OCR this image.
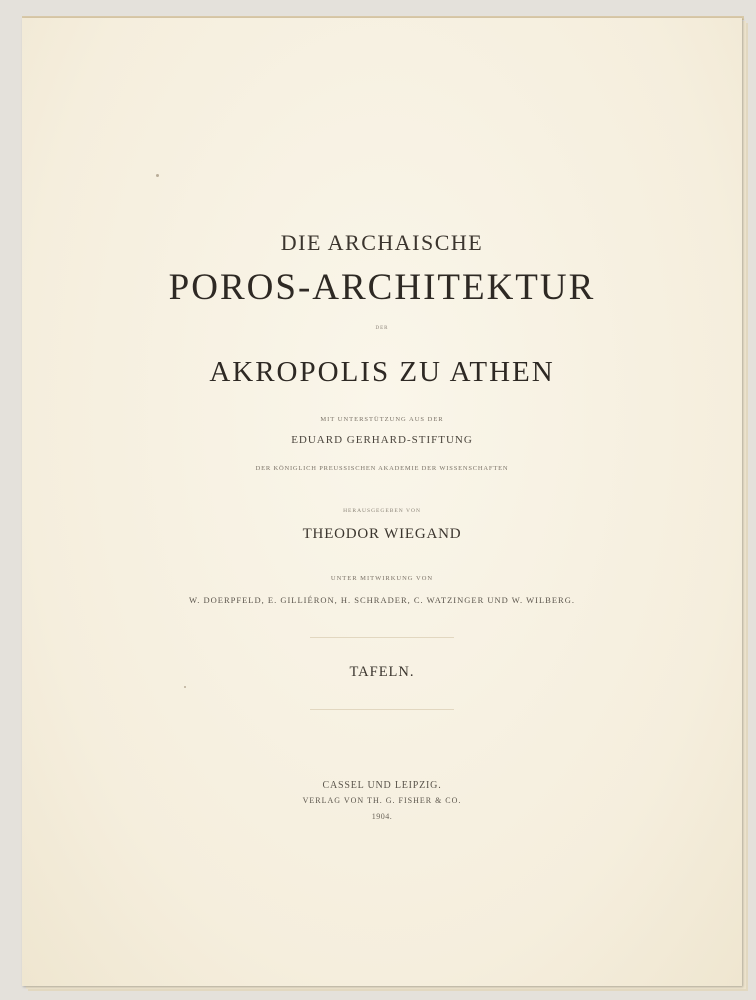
DIE ARCHAISCHE
POROS-ARCHITEKTUR
DER
AKROPOLIS ZU ATHEN
MIT UNTERSTÜTZUNG AUS DER
EDUARD GERHARD-STIFTUNG
DER KÖNIGLICH PREUSSISCHEN AKADEMIE DER WISSENSCHAFTEN
HERAUSGEGEBEN VON
THEODOR WIEGAND
UNTER MITWIRKUNG VON
W. DOERPFELD, E. GILLIÉRON, H. SCHRADER, C. WATZINGER UND W. WILBERG.
TAFELN.
CASSEL UND LEIPZIG.
VERLAG VON TH. G. FISHER & CO.
1904.
